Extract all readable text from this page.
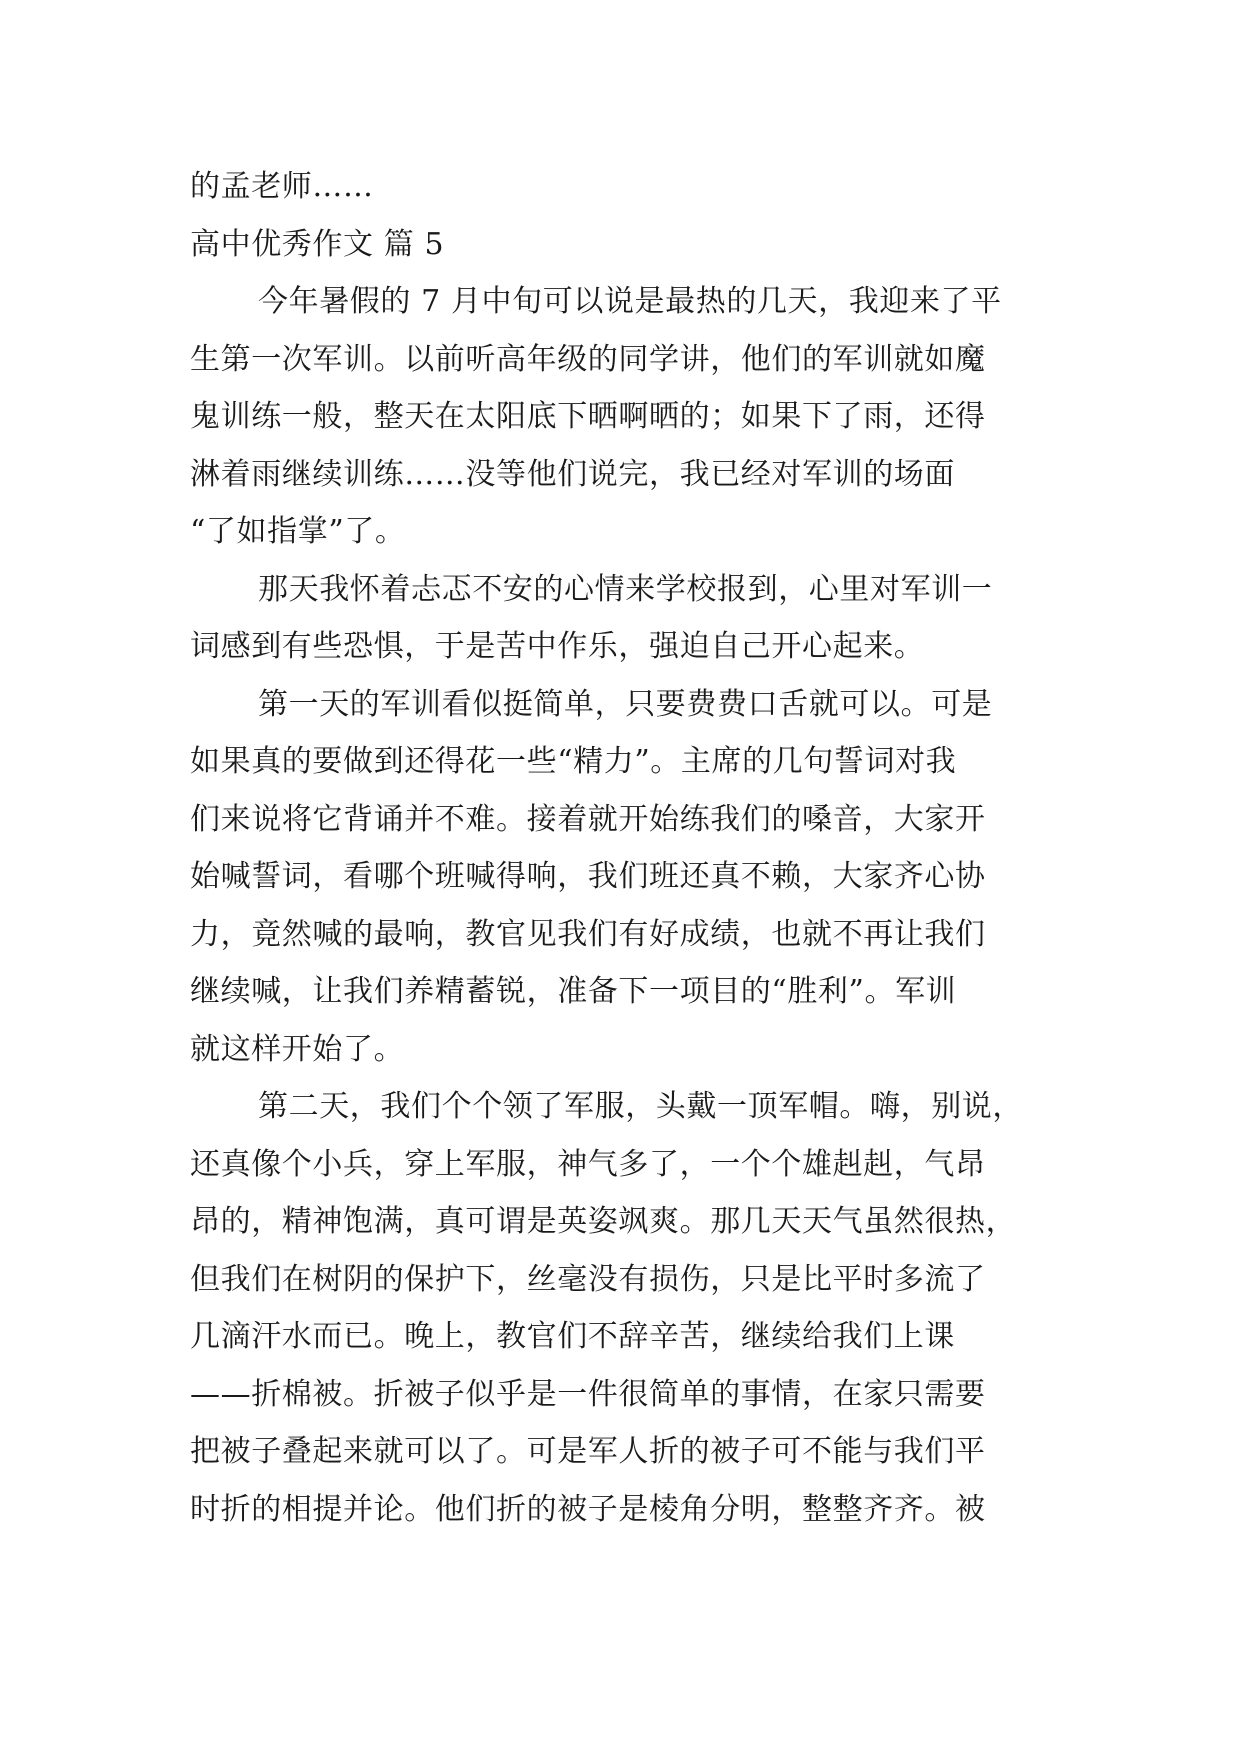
的孟老师……
高中优秀作文 篇 5
今年暑假的 7 月中旬可以说是最热的几天，我迎来了平
生第一次军训。以前听高年级的同学讲，他们的军训就如魔
鬼训练一般，整天在太阳底下晒啊晒的；如果下了雨，还得
淋着雨继续训练……没等他们说完，我已经对军训的场面
“了如指掌”了。
那天我怀着忐忑不安的心情来学校报到，心里对军训一
词感到有些恐惧，于是苦中作乐，强迫自己开心起来。
第一天的军训看似挺简单，只要费费口舌就可以。可是
如果真的要做到还得花一些“精力”。主席的几句誓词对我
们来说将它背诵并不难。接着就开始练我们的嗓音，大家开
始喊誓词，看哪个班喊得响，我们班还真不赖，大家齐心协
力，竟然喊的最响，教官见我们有好成绩，也就不再让我们
继续喊，让我们养精蓄锐，准备下一项目的“胜利”。军训
就这样开始了。
第二天，我们个个领了军服，头戴一顶军帽。嗨，别说，
还真像个小兵，穿上军服，神气多了，一个个雄赳赳，气昂
昂的，精神饱满，真可谓是英姿飒爽。那几天天气虽然很热，
但我们在树阴的保护下，丝毫没有损伤，只是比平时多流了
几滴汗水而已。晚上，教官们不辞辛苦，继续给我们上课
——折棉被。折被子似乎是一件很简单的事情，在家只需要
把被子叠起来就可以了。可是军人折的被子可不能与我们平
时折的相提并论。他们折的被子是棱角分明，整整齐齐。被
